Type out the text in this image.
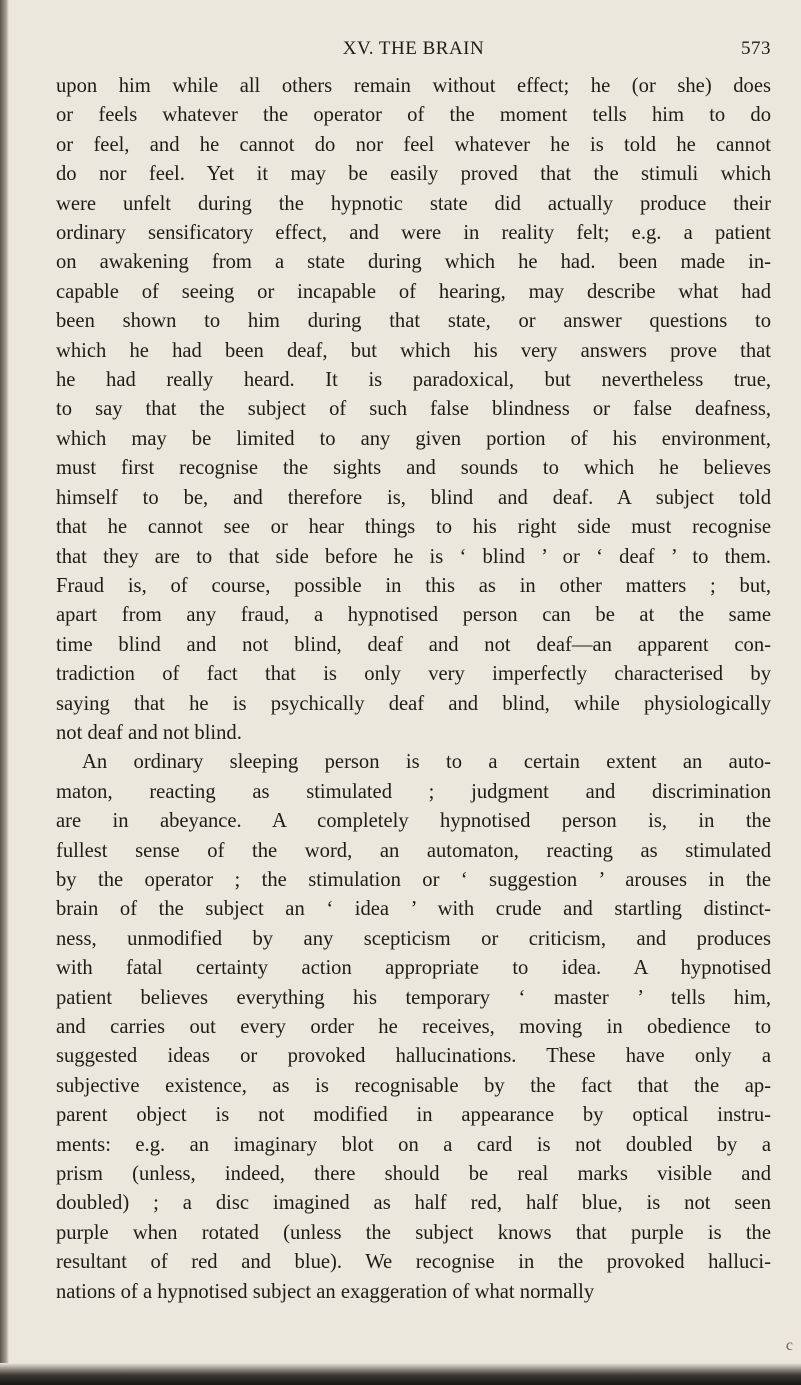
XV. THE BRAIN	573
upon him while all others remain without effect; he (or she) does
or feels whatever the operator of the moment tells him to do
or feel, and he cannot do nor feel whatever he is told he cannot
do nor feel. Yet it may be easily proved that the stimuli which
were unfelt during the hypnotic state did actually produce their
ordinary sensificatory effect, and were in reality felt; e.g. a patient
on awakening from a state during which he had. been made in-
capable of seeing or incapable of hearing, may describe what had
been shown to him during that state, or answer questions to
which he had been deaf, but which his very answers prove that
he had really heard. It is paradoxical, but nevertheless true,
to say that the subject of such false blindness or false deafness,
which may be limited to any given portion of his environment,
must first recognise the sights and sounds to which he believes
himself to be, and therefore is, blind and deaf. A subject told
that he cannot see or hear things to his right side must recognise
that they are to that side before he is ‘ blind ’ or ‘ deaf ’ to them.
Fraud is, of course, possible in this as in other matters ; but,
apart from any fraud, a hypnotised person can be at the same
time blind and not blind, deaf and not deaf—an apparent con-
tradiction of fact that is only very imperfectly characterised by
saying that he is psychically deaf and blind, while physiologically
not deaf and not blind.
An ordinary sleeping person is to a certain extent an auto-
maton, reacting as stimulated ; judgment and discrimination
are in abeyance. A completely hypnotised person is, in the
fullest sense of the word, an automaton, reacting as stimulated
by the operator ; the stimulation or ‘ suggestion ’ arouses in the
brain of the subject an ‘ idea ’ with crude and startling distinct-
ness, unmodified by any scepticism or criticism, and produces
with fatal certainty action appropriate to idea. A hypnotised
patient believes everything his temporary ‘ master ’ tells him,
and carries out every order he receives, moving in obedience to
suggested ideas or provoked hallucinations. These have only a
subjective existence, as is recognisable by the fact that the ap-
parent object is not modified in appearance by optical instru-
ments: e.g. an imaginary blot on a card is not doubled by a
prism (unless, indeed, there should be real marks visible and
doubled) ; a disc imagined as half red, half blue, is not seen
purple when rotated (unless the subject knows that purple is the
resultant of red and blue). We recognise in the provoked halluci-
nations of a hypnotised subject an exaggeration of what normally
c
